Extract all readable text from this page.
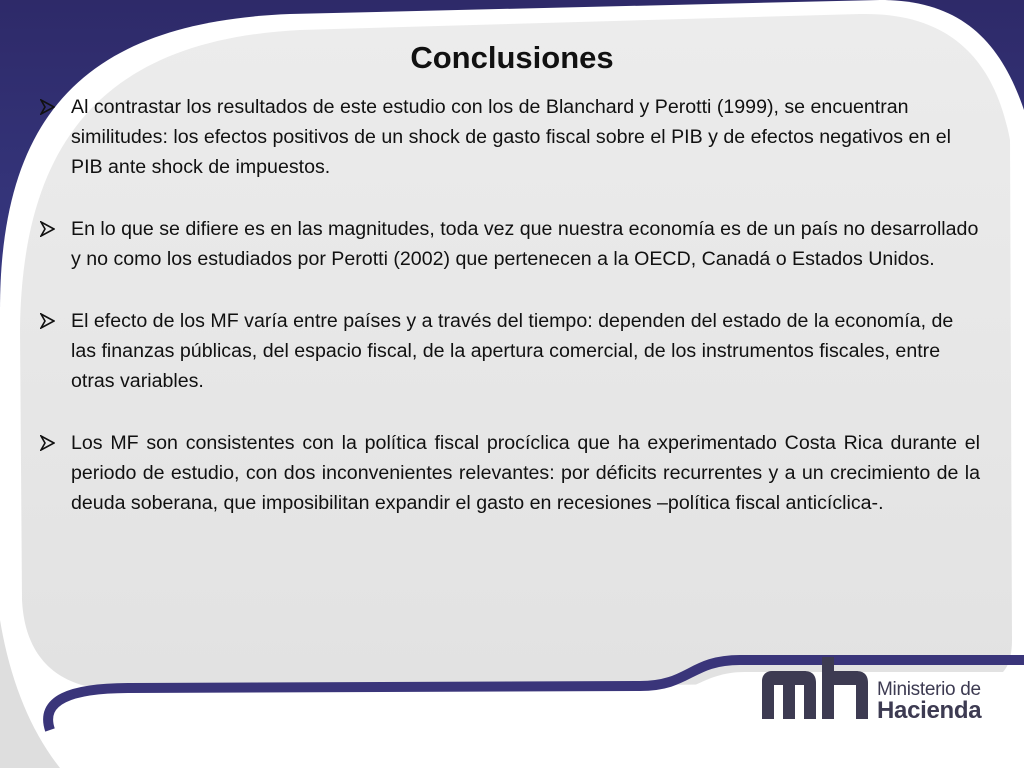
Conclusiones
Al contrastar los resultados de este estudio con los de Blanchard y Perotti (1999), se encuentran similitudes: los efectos positivos de un shock de gasto fiscal sobre el PIB y de efectos negativos en el PIB ante shock de impuestos.
En lo que se difiere es en las magnitudes, toda vez que nuestra economía es de un país no desarrollado y no como los estudiados por Perotti (2002) que pertenecen a la OECD, Canadá o Estados Unidos.
El efecto de los MF varía entre países y a través del tiempo: dependen del estado de la economía, de las finanzas públicas, del espacio fiscal, de la apertura comercial, de los instrumentos fiscales, entre otras variables.
Los MF son consistentes con la política fiscal procíclica que ha experimentado Costa Rica durante el periodo de estudio, con dos inconvenientes relevantes: por déficits recurrentes y a un crecimiento de la deuda soberana, que imposibilitan expandir el gasto en recesiones –política fiscal anticíclica-.
Ministerio de
Hacienda
